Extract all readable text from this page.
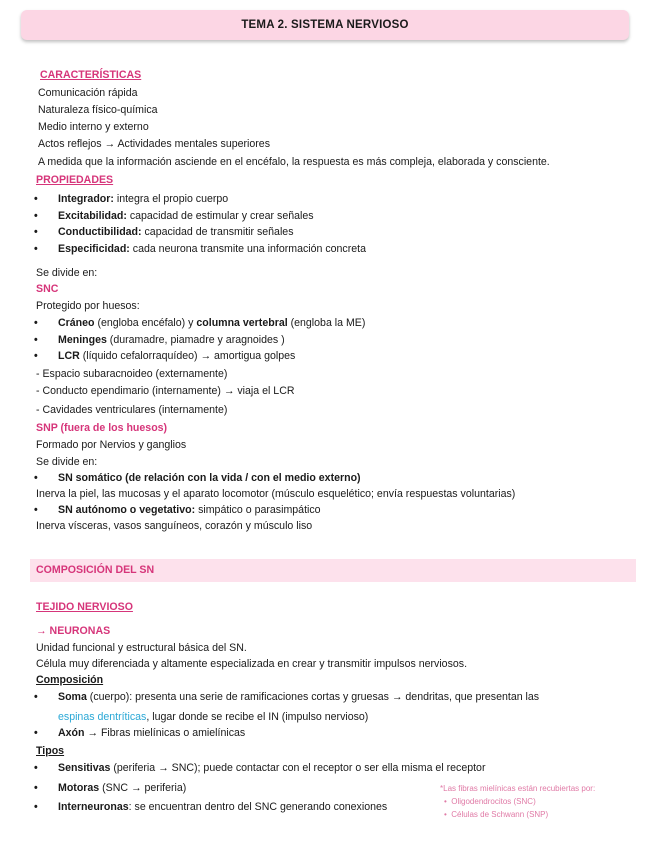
TEMA 2. SISTEMA NERVIOSO
CARACTERÍSTICAS
Comunicación rápida
Naturaleza físico-química
Medio interno y externo
Actos reflejos → Actividades mentales superiores
A medida que la información asciende en el encéfalo, la respuesta es más compleja, elaborada y consciente.
PROPIEDADES
• Integrador: integra el propio cuerpo
• Excitabilidad: capacidad de estimular y crear señales
• Conductibilidad: capacidad de transmitir señales
• Especificidad: cada neurona transmite una información concreta
Se divide en:
SNC
Protegido por huesos:
• Cráneo (engloba encéfalo) y columna vertebral (engloba la ME)
• Meninges (duramadre, piamadre y aragnoides )
• LCR (líquido cefalorraquídeo) → amortigua golpes
- Espacio subaracnoideo (externamente)
- Conducto ependimario (internamente) → viaja el LCR
- Cavidades ventriculares (internamente)
SNP (fuera de los huesos)
Formado por Nervios y ganglios
Se divide en:
• SN somático (de relación con la vida / con el medio externo)
Inerva la piel, las mucosas y el aparato locomotor (músculo esquelético; envía respuestas voluntarias)
• SN autónomo o vegetativo: simpático o parasimpático
Inerva vísceras, vasos sanguíneos, corazón y músculo liso
COMPOSICIÓN DEL SN
TEJIDO NERVIOSO
→ NEURONAS
Unidad funcional y estructural básica del SN.
Célula muy diferenciada y altamente especializada en crear y transmitir impulsos nerviosos.
Composición
• Soma (cuerpo): presenta una serie de ramificaciones cortas y gruesas → dendritas, que presentan las
espinas dentríticas, lugar donde se recibe el IN (impulso nervioso)
• Axón → Fibras mielínicas o amielínicas
Tipos
• Sensitivas (periferia → SNC); puede contactar con el receptor o ser ella misma el receptor
• Motoras (SNC → periferia)
• Interneuronas: se encuentran dentro del SNC generando conexiones
*Las fibras mielínicas están recubiertas por:
•  Oligodendrocitos (SNC)
•  Células de Schwann (SNP)
